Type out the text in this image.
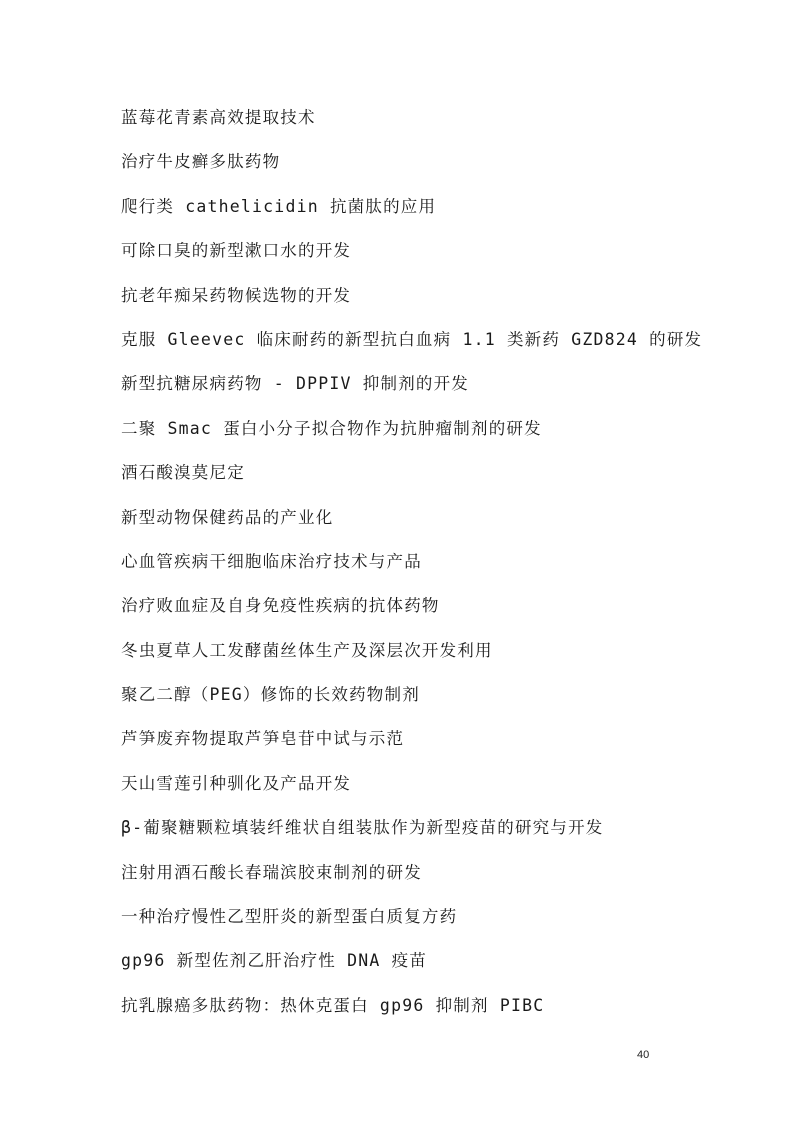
蓝莓花青素高效提取技术
治疗牛皮癣多肽药物
爬行类 cathelicidin 抗菌肽的应用
可除口臭的新型漱口水的开发
抗老年痴呆药物候选物的开发
克服 Gleevec 临床耐药的新型抗白血病 1.1 类新药 GZD824 的研发
新型抗糖尿病药物 - DPPIV 抑制剂的开发
二聚 Smac 蛋白小分子拟合物作为抗肿瘤制剂的研发
酒石酸溴莫尼定
新型动物保健药品的产业化
心血管疾病干细胞临床治疗技术与产品
治疗败血症及自身免疫性疾病的抗体药物
冬虫夏草人工发酵菌丝体生产及深层次开发利用
聚乙二醇（PEG）修饰的长效药物制剂
芦笋废弃物提取芦笋皂苷中试与示范
天山雪莲引种驯化及产品开发
β-葡聚糖颗粒填装纤维状自组装肽作为新型疫苗的研究与开发
注射用酒石酸长春瑞滨胶束制剂的研发
一种治疗慢性乙型肝炎的新型蛋白质复方药
gp96 新型佐剂乙肝治疗性 DNA 疫苗
抗乳腺癌多肽药物：热休克蛋白 gp96 抑制剂 PIBC
40
